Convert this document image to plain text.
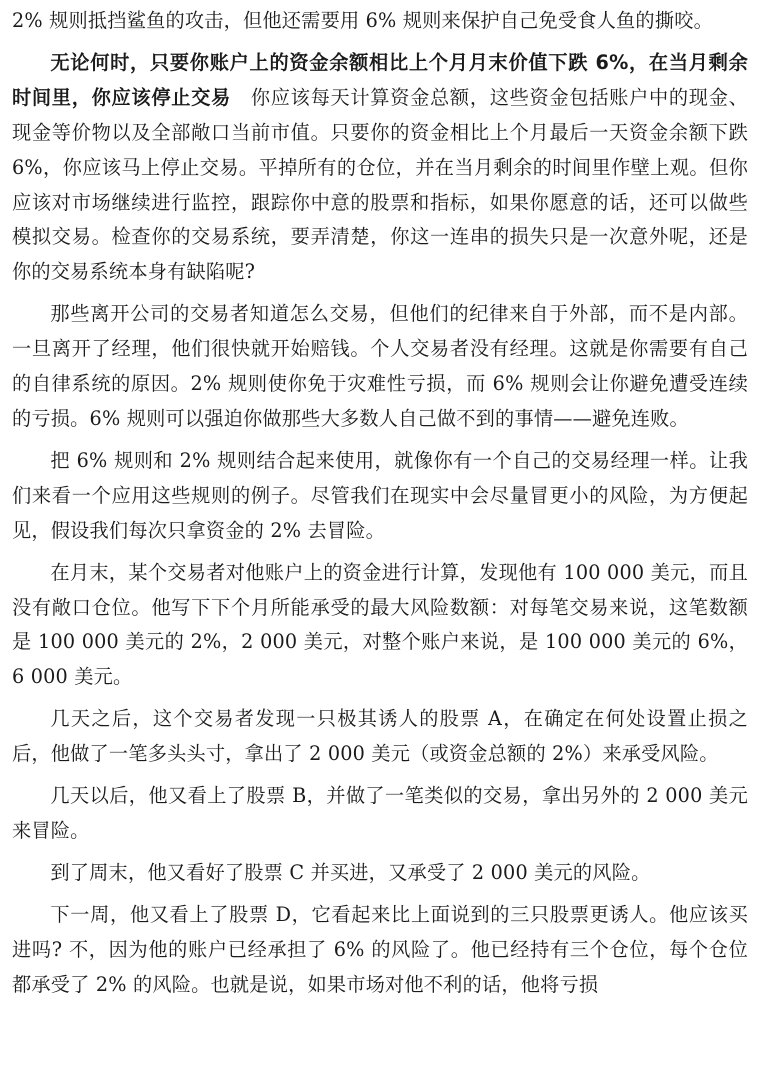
2% 规则抵挡鲨鱼的攻击，但他还需要用 6% 规则来保护自己免受食人鱼的撕咬。

无论何时，只要你账户上的资金余额相比上个月月末价值下跌 6%，在当月剩余时间里，你应该停止交易　你应该每天计算资金总额，这些资金包括账户中的现金、现金等价物以及全部敞口当前市值。只要你的资金相比上个月最后一天资金余额下跌 6%，你应该马上停止交易。平掉所有的仓位，并在当月剩余的时间里作壁上观。但你应该对市场继续进行监控，跟踪你中意的股票和指标，如果你愿意的话，还可以做些模拟交易。检查你的交易系统，要弄清楚，你这一连串的损失只是一次意外呢，还是你的交易系统本身有缺陷呢?

那些离开公司的交易者知道怎么交易，但他们的纪律来自于外部，而不是内部。一旦离开了经理，他们很快就开始赔钱。个人交易者没有经理。这就是你需要有自己的自律系统的原因。2% 规则使你免于灾难性亏损，而 6% 规则会让你避免遭受连续的亏损。6% 规则可以强迫你做那些大多数人自己做不到的事情——避免连败。

把 6% 规则和 2% 规则结合起来使用，就像你有一个自己的交易经理一样。让我们来看一个应用这些规则的例子。尽管我们在现实中会尽量冒更小的风险，为方便起见，假设我们每次只拿资金的 2% 去冒险。

在月末，某个交易者对他账户上的资金进行计算，发现他有 100 000 美元，而且没有敞口仓位。他写下下个月所能承受的最大风险数额：对每笔交易来说，这笔数额是 100 000 美元的 2%，2 000 美元，对整个账户来说，是 100 000 美元的 6%，6 000 美元。

几天之后，这个交易者发现一只极其诱人的股票 A，在确定在何处设置止损之后，他做了一笔多头头寸，拿出了 2 000 美元（或资金总额的 2%）来承受风险。

几天以后，他又看上了股票 B，并做了一笔类似的交易，拿出另外的 2 000 美元来冒险。

到了周末，他又看好了股票 C 并买进，又承受了 2 000 美元的风险。

下一周，他又看上了股票 D，它看起来比上面说到的三只股票更诱人。他应该买进吗? 不，因为他的账户已经承担了 6% 的风险了。他已经持有三个仓位，每个仓位都承受了 2% 的风险。也就是说，如果市场对他不利的话，他将亏损
